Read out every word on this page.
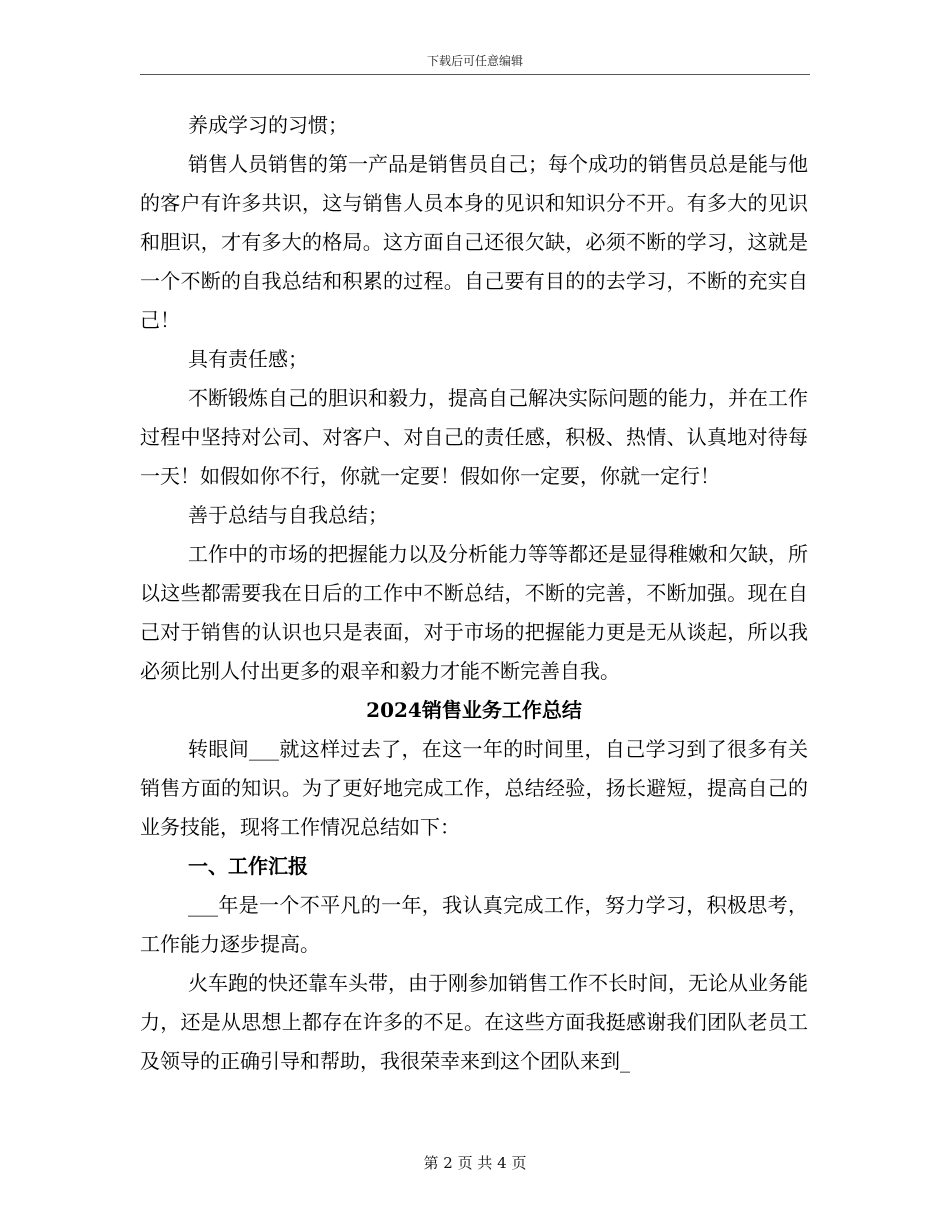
下载后可任意编辑

养成学习的习惯；

销售人员销售的第一产品是销售员自己；每个成功的销售员总是能与他的客户有许多共识，这与销售人员本身的见识和知识分不开。有多大的见识和胆识，才有多大的格局。这方面自己还很欠缺，必须不断的学习，这就是一个不断的自我总结和积累的过程。自己要有目的的去学习，不断的充实自己！

具有责任感；

不断锻炼自己的胆识和毅力，提高自己解决实际问题的能力，并在工作过程中坚持对公司、对客户、对自己的责任感，积极、热情、认真地对待每一天！如假如你不行，你就一定要！假如你一定要，你就一定行！

善于总结与自我总结；

工作中的市场的把握能力以及分析能力等等都还是显得稚嫩和欠缺，所以这些都需要我在日后的工作中不断总结，不断的完善，不断加强。现在自己对于销售的认识也只是表面，对于市场的把握能力更是无从谈起，所以我必须比别人付出更多的艰辛和毅力才能不断完善自我。

2024销售业务工作总结

转眼间___就这样过去了，在这一年的时间里，自己学习到了很多有关销售方面的知识。为了更好地完成工作，总结经验，扬长避短，提高自己的业务技能，现将工作情况总结如下：

一、工作汇报

___年是一个不平凡的一年，我认真完成工作，努力学习，积极思考，工作能力逐步提高。

火车跑的快还靠车头带，由于刚参加销售工作不长时间，无论从业务能力，还是从思想上都存在许多的不足。在这些方面我挺感谢我们团队老员工及领导的正确引导和帮助，我很荣幸来到这个团队来到_

第 2 页 共 4 页
